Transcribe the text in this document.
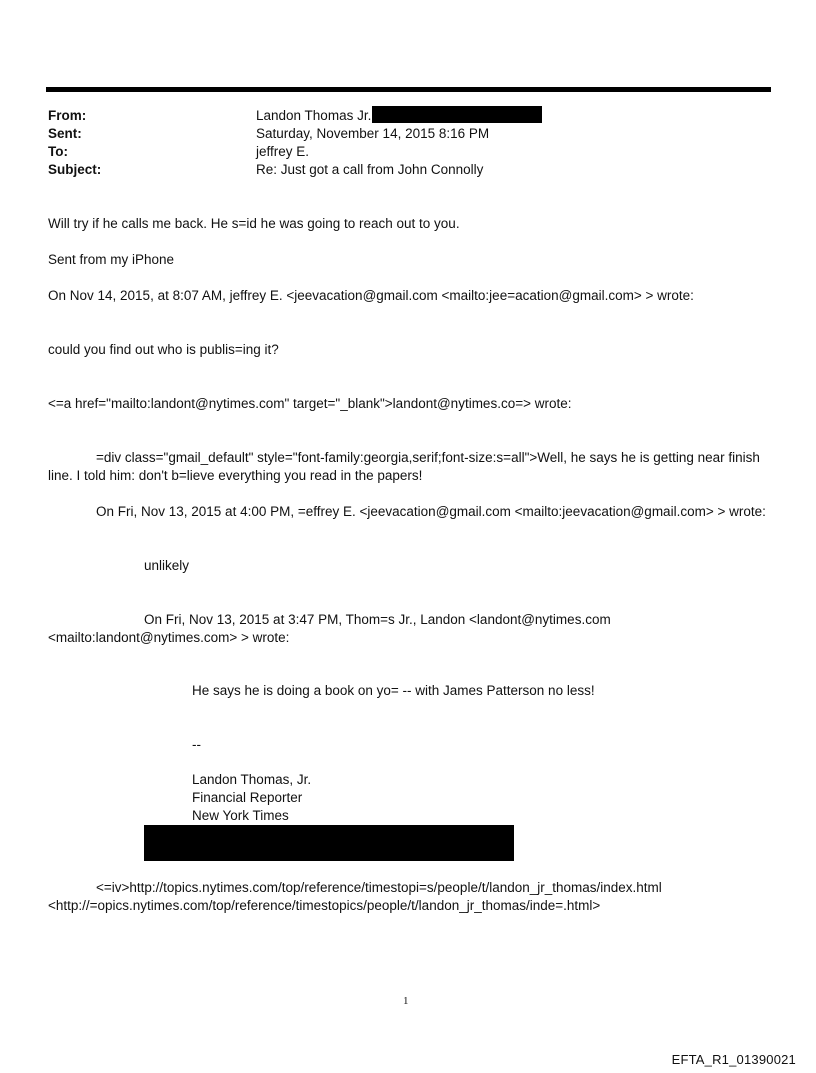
From:	Landon Thomas Jr.
Sent:	Saturday, November 14, 2015 8:16 PM
To:	jeffrey E.
Subject:	Re: Just got a call from John Connolly
Will try if he calls me back. He s=id he was going to reach out to you.
Sent from my iPhone
On Nov 14, 2015, at 8:07 AM, jeffrey E. <jeevacation@gmail.com <mailto:jee=acation@gmail.com> > wrote:
could you find out who is publis=ing it?
<=a href="mailto:landont@nytimes.com" target="_blank">landont@nytimes.co=> wrote:
=div class="gmail_default" style="font-family:georgia,serif;font-size:s=all">Well, he says he is getting near finish
line. I told him: don't b=lieve everything you read in the papers!
On Fri, Nov 13, 2015 at 4:00 PM, =effrey E. <jeevacation@gmail.com <mailto:jeevacation@gmail.com> > wrote:
unlikely
On Fri, Nov 13, 2015 at 3:47 PM, Thom=s Jr., Landon <landont@nytimes.com
<mailto:landont@nytimes.com> > wrote:
He says he is doing a book on yo= -- with James Patterson no less!
--
Landon Thomas, Jr.
Financial Reporter
New York Times
<=iv>http://topics.nytimes.com/top/reference/timestopi=s/people/t/landon_jr_thomas/index.html
<http://=opics.nytimes.com/top/reference/timestopics/people/t/landon_jr_thomas/inde=.html>
1
EFTA_R1_01390021
